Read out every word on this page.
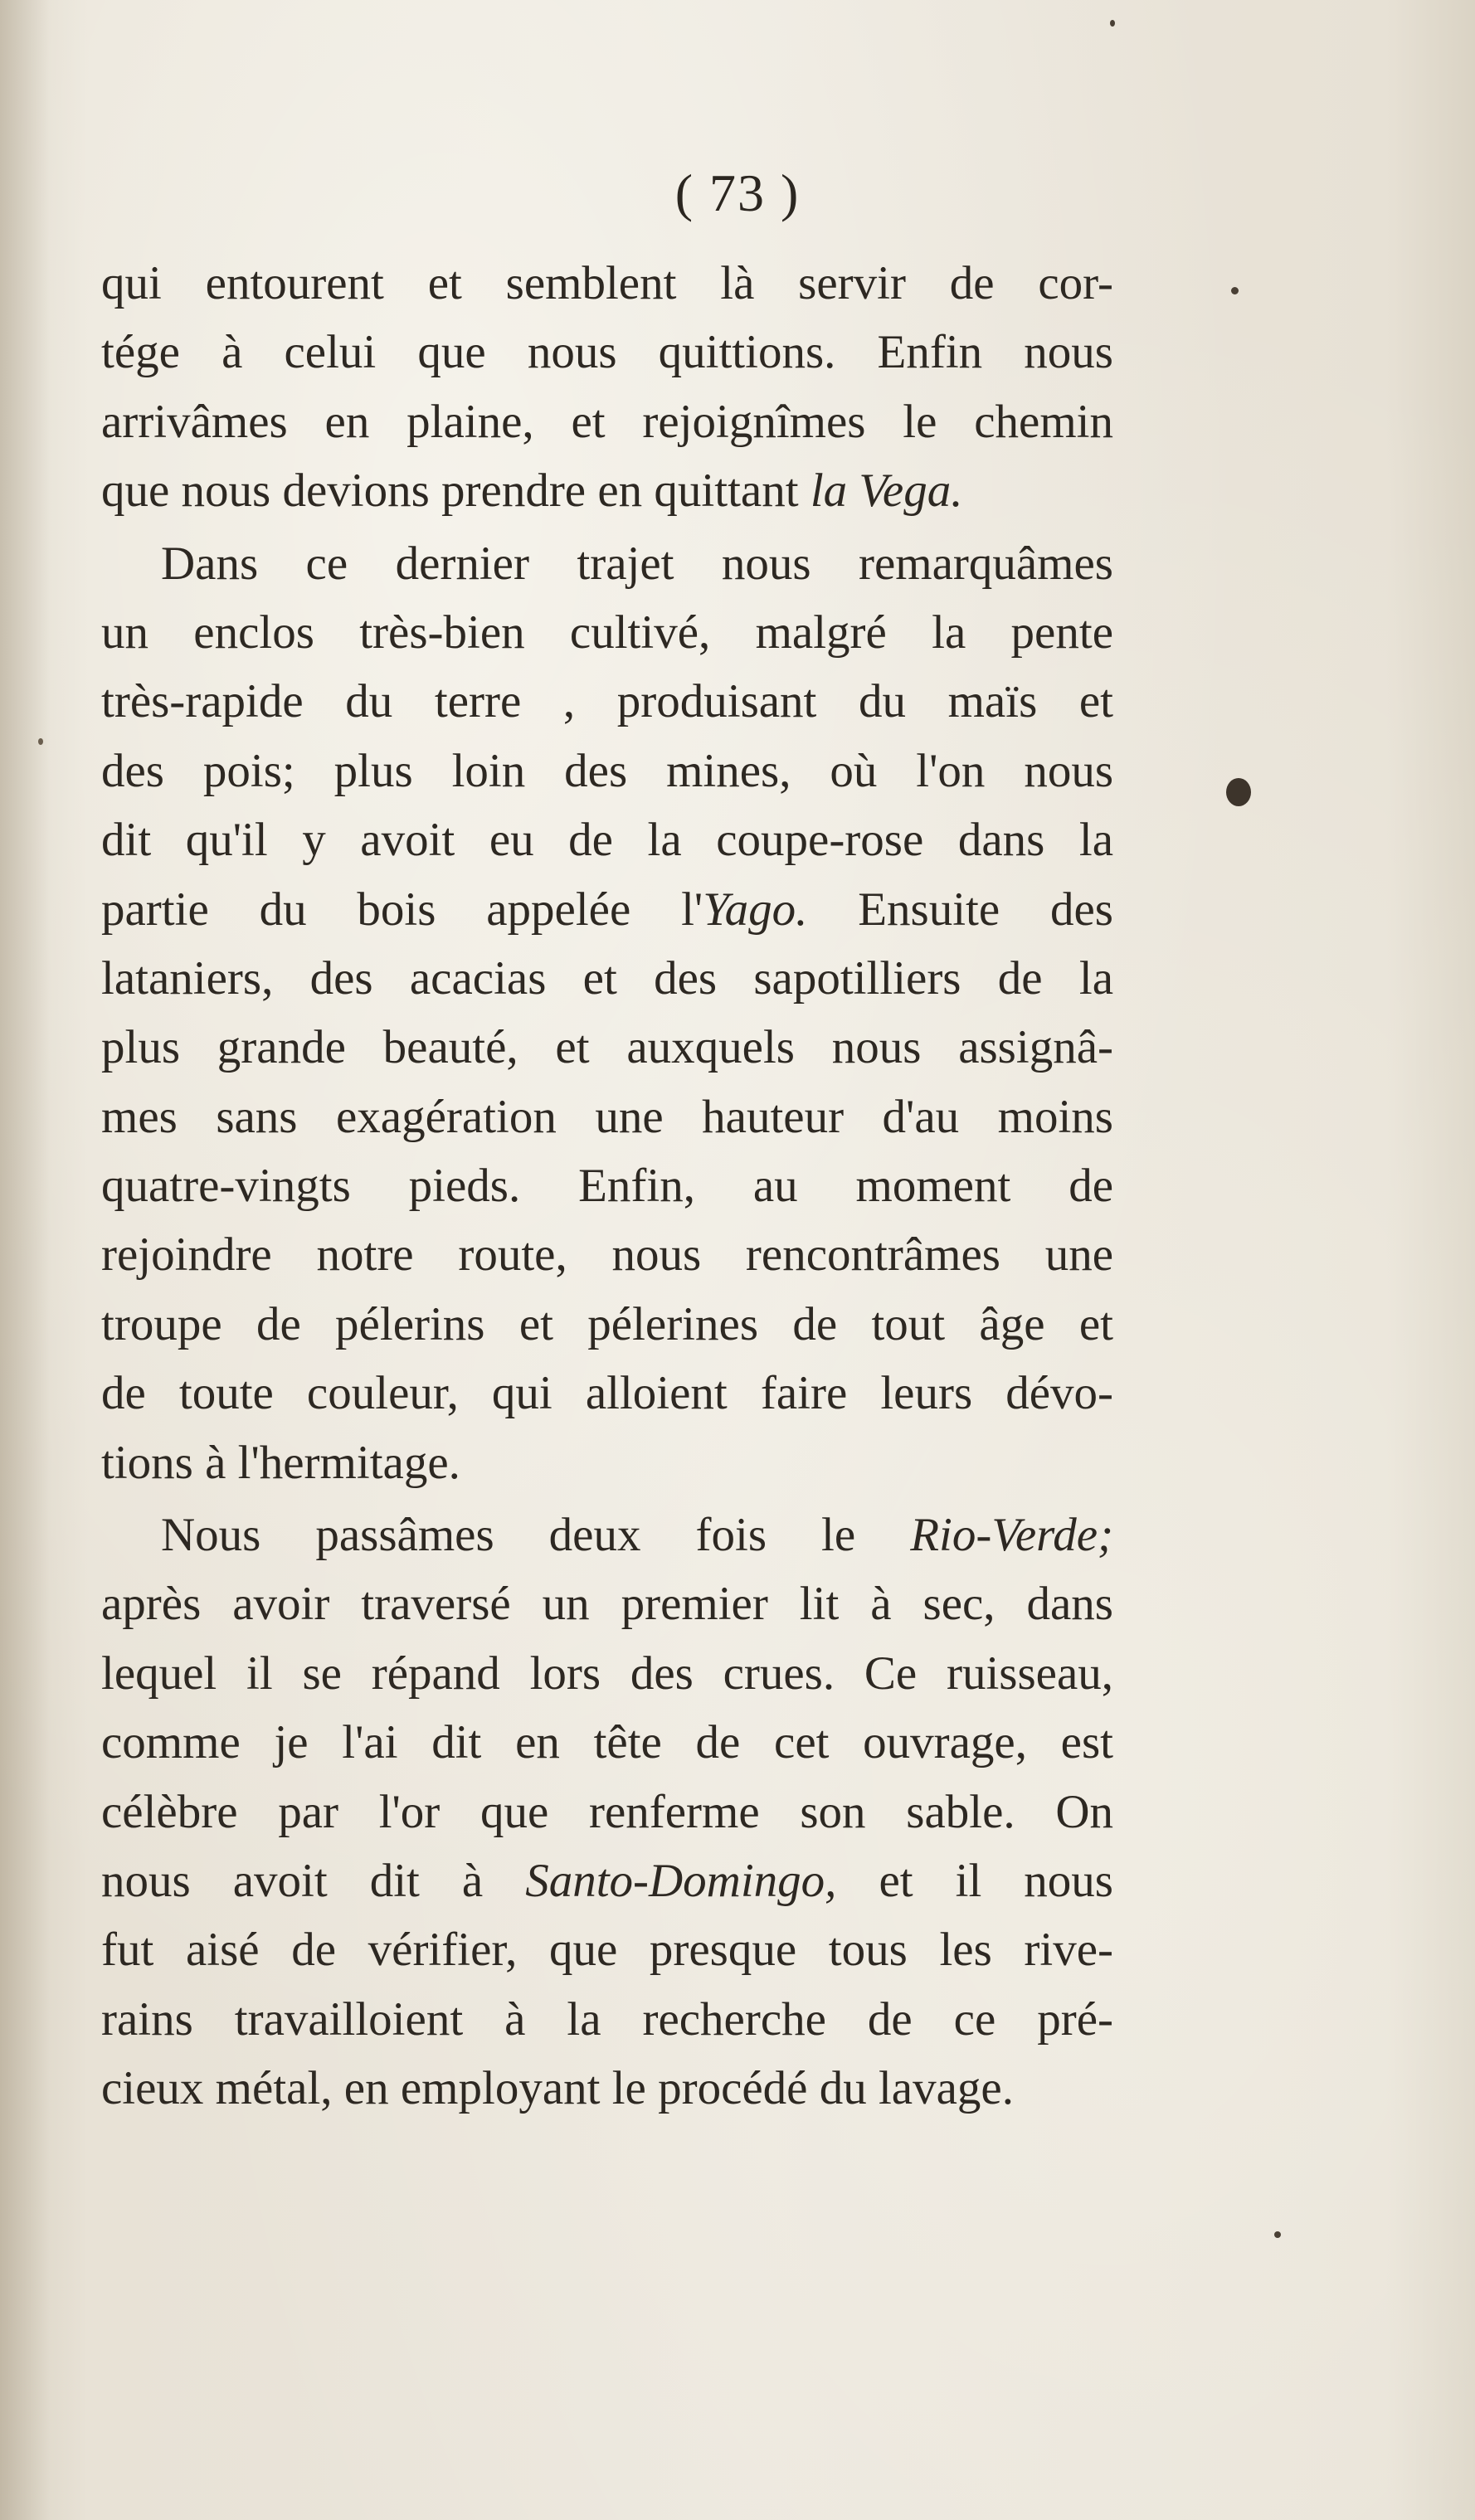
( 73 )
qui entourent et semblent là servir de cor-
tége à celui que nous quittions. Enfin nous
arrivâmes en plaine, et rejoignîmes le chemin
que nous devions prendre en quittant la Vega.
Dans ce dernier trajet nous remarquâmes
un enclos très-bien cultivé, malgré la pente
très-rapide du terre , produisant du maïs et
des pois; plus loin des mines, où l'on nous
dit qu'il y avoit eu de la coupe-rose dans la
partie du bois appelée l'Yago. Ensuite des
lataniers, des acacias et des sapotilliers de la
plus grande beauté, et auxquels nous assignâ-
mes sans exagération une hauteur d'au moins
quatre-vingts pieds. Enfin, au moment de
rejoindre notre route, nous rencontrâmes une
troupe de pélerins et pélerines de tout âge et
de toute couleur, qui alloient faire leurs dévo-
tions à l'hermitage.
Nous passâmes deux fois le Rio-Verde;
après avoir traversé un premier lit à sec, dans
lequel il se répand lors des crues. Ce ruisseau,
comme je l'ai dit en tête de cet ouvrage, est
célèbre par l'or que renferme son sable. On
nous avoit dit à Santo-Domingo, et il nous
fut aisé de vérifier, que presque tous les rive-
rains travailloient à la recherche de ce pré-
cieux métal, en employant le procédé du lavage.
